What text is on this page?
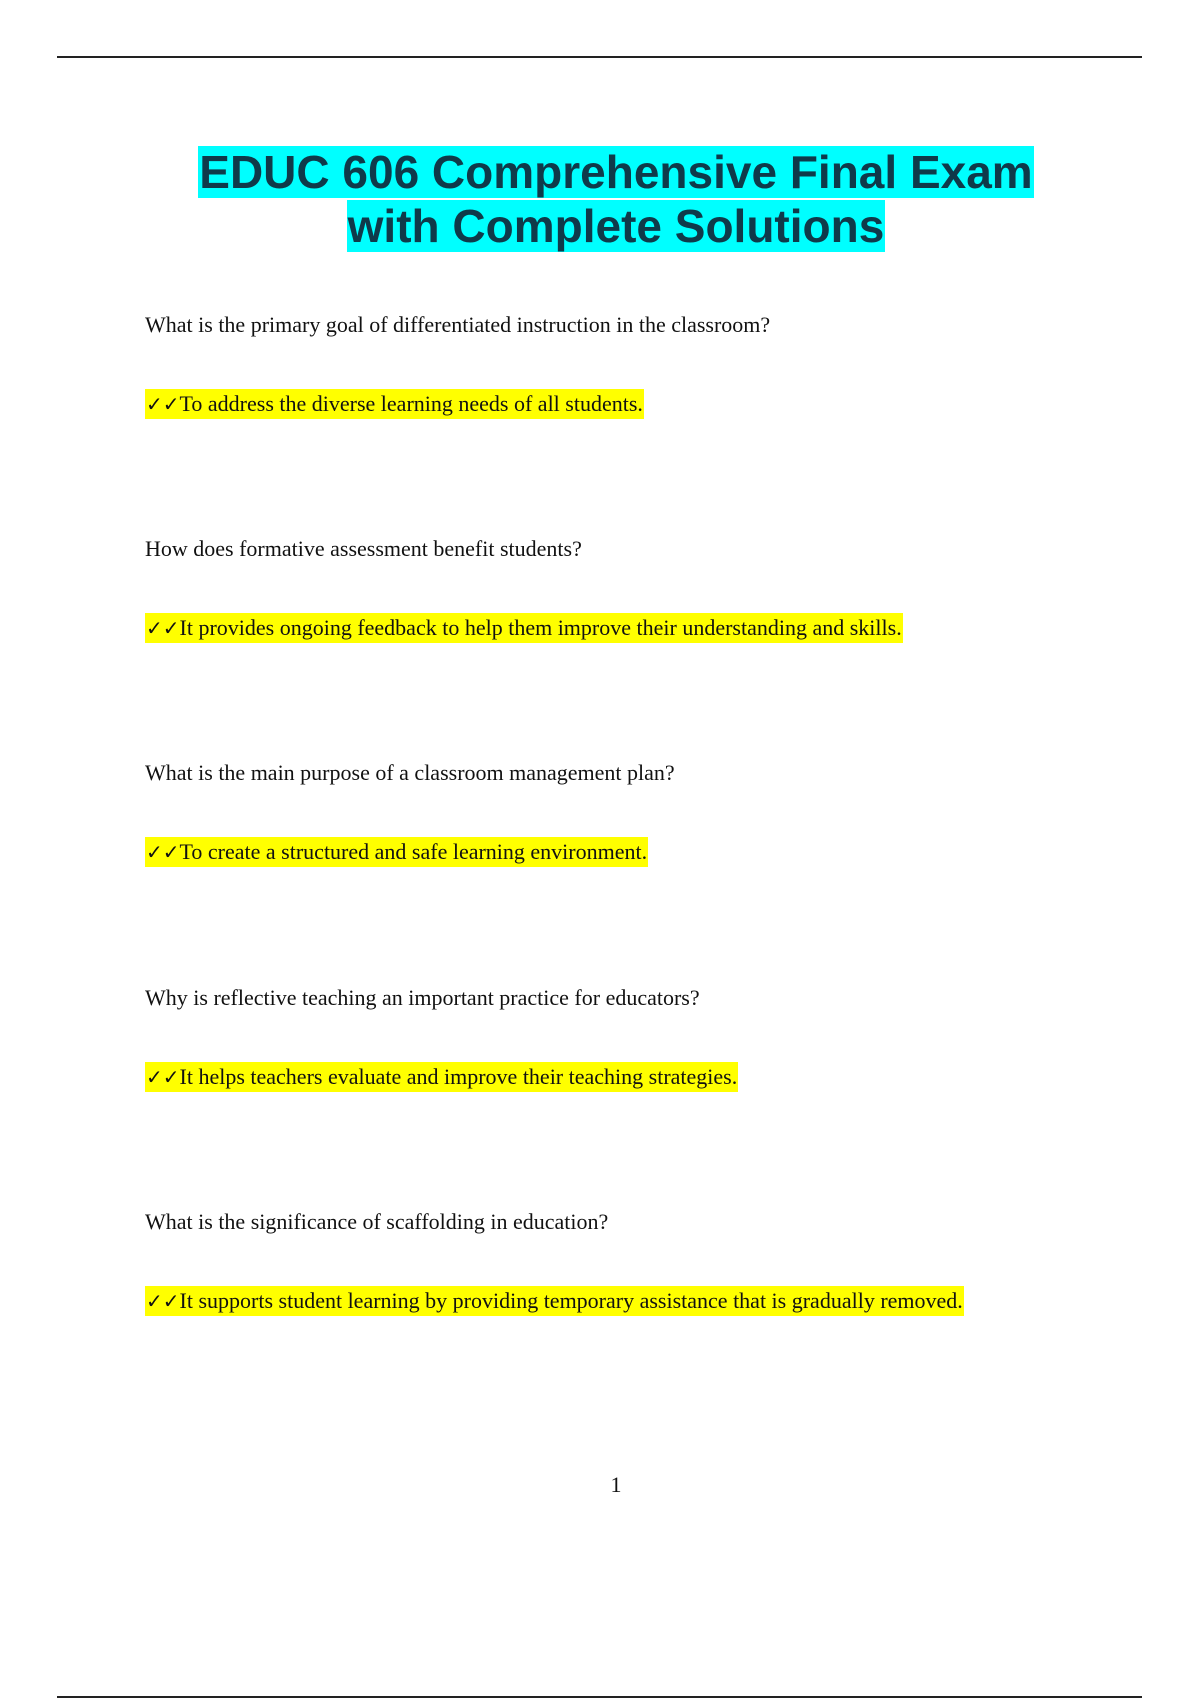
EDUC 606 Comprehensive Final Exam
with Complete Solutions
What is the primary goal of differentiated instruction in the classroom?
✓✓To address the diverse learning needs of all students.
How does formative assessment benefit students?
✓✓It provides ongoing feedback to help them improve their understanding and skills.
What is the main purpose of a classroom management plan?
✓✓To create a structured and safe learning environment.
Why is reflective teaching an important practice for educators?
✓✓It helps teachers evaluate and improve their teaching strategies.
What is the significance of scaffolding in education?
✓✓It supports student learning by providing temporary assistance that is gradually removed.
1
